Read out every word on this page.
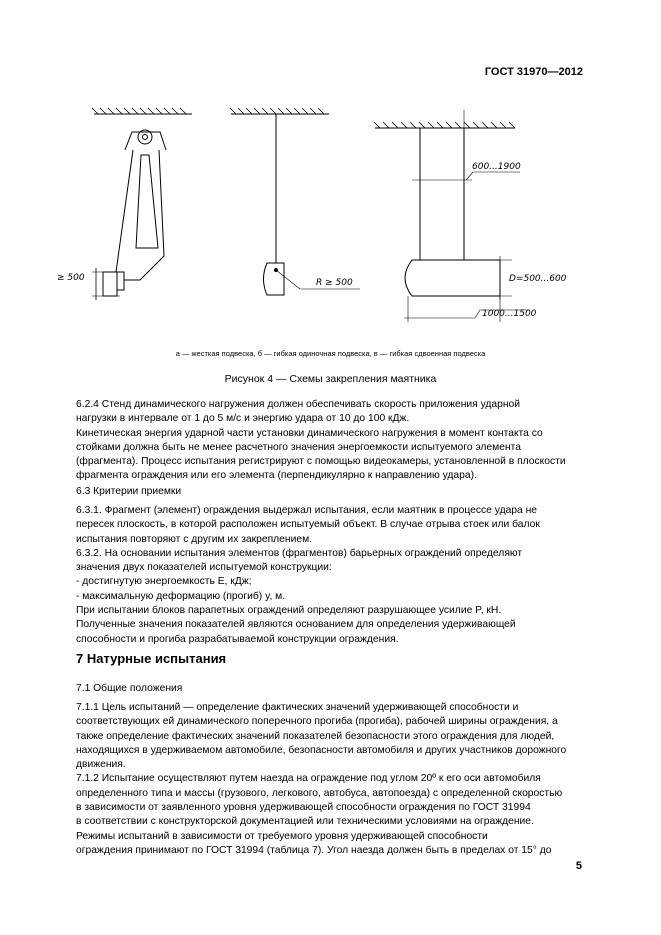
ГОСТ 31970—2012
≥ 500	R ≥ 500
600...1900
D=500...600
1000...1500
а — жесткая подвеска, б — гибкая одиночная подвеска, в — гибкая сдвоенная подвеска
Рисунок 4 — Схемы закрепления маятника
6.2.4 Стенд динамического нагружения должен обеспечивать скорость приложения ударной
нагрузки в интервале от 1 до 5 м/с и энергию удара от 10 до 100 кДж.
Кинетическая энергия ударной части установки динамического нагружения в момент контакта со
стойками должна быть не менее расчетного значения энергоемкости испытуемого элемента
(фрагмента). Процесс испытания регистрируют с помощью видеокамеры, установленной в плоскости
фрагмента ограждения или его элемента (перпендикулярно к направлению удара).
6.3 Критерии приемки
6.3.1. Фрагмент (элемент) ограждения выдержал испытания, если маятник в процессе удара не
пересек плоскость, в которой расположен испытуемый объект. В случае отрыва стоек или балок
испытания повторяют с другим их закреплением.
6.3.2. На основании испытания элементов (фрагментов) барьерных ограждений определяют
значения двух показателей испытуемой конструкции:
- достигнутую энергоемкость E, кДж;
- максимальную деформацию (прогиб) y, м.
При испытании блоков парапетных ограждений определяют разрушающее усилие P, кН.
Полученные значения показателей являются основанием для определения удерживающей
способности и прогиба разрабатываемой конструкции ограждения.
7 Натурные испытания
7.1 Общие положения
7.1.1 Цель испытаний — определение фактических значений удерживающей способности и
соответствующих ей динамического поперечного прогиба (прогиба), рабочей ширины ограждения, а
также определение фактических значений показателей безопасности этого ограждения для людей,
находящихся в удерживаемом автомобиле, безопасности автомобиля и других участников дорожного
движения.
7.1.2 Испытание осуществляют путем наезда на ограждение под углом 20º к его оси автомобиля
определенного типа и массы (грузового, легкового, автобуса, автопоезда) с определенной скоростью
в зависимости от заявленного уровня удерживающей способности ограждения по ГОСТ 31994
в соответствии с конструкторской документацией или техническими условиями на ограждение.
Режимы испытаний в зависимости от требуемого уровня удерживающей способности
ограждения принимают по ГОСТ 31994 (таблица 7). Угол наезда должен быть в пределах от 15° до
5
